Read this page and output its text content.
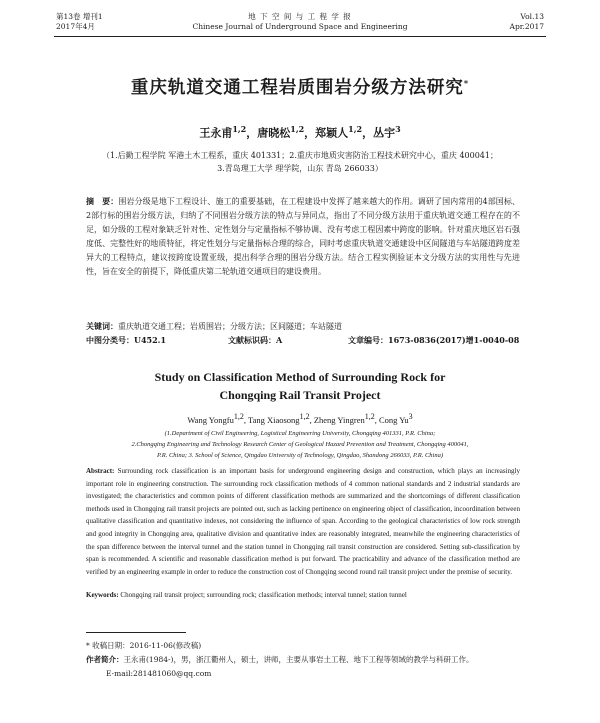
第13卷 增刊1
2017年4月
地 下 空 间 与 工 程 学 报
Chinese Journal of Underground Space and Engineering
Vol.13
Apr.2017
重庆轨道交通工程岩质围岩分级方法研究*
王永甫$^{1,2}$，唐晓松$^{1,2}$，郑颖人$^{1,2}$，丛宇$^3$
（1.后勤工程学院 军港土木工程系，重庆 401331；2.重庆市地质灾害防治工程技术研究中心，重庆 400041；
3.青岛理工大学 理学院，山东 青岛 266033）
摘　要：围岩分级是地下工程设计、施工的重要基础，在工程建设中发挥了越来越大的作用。调研了国内常用的4部国标、2部行标的围岩分级方法，归纳了不同围岩分级方法的特点与异同点，指出了不同分级方法用于重庆轨道交通工程存在的不足，如分级的工程对象缺乏针对性、定性划分与定量指标不够协调、没有考虑工程因素中跨度的影响。针对重庆地区岩石强度低、完整性好的地质特征，将定性划分与定量指标合理的综合，同时考虑重庆轨道交通建设中区间隧道与车站隧道跨度差异大的工程特点，建议按跨度设置亚级，提出科学合理的围岩分级方法。结合工程实例验证本文分级方法的实用性与先进性，旨在安全的前提下，降低重庆第二轮轨道交通项目的建设费用。
关键词：重庆轨道交通工程；岩质围岩；分级方法；区间隧道；车站隧道
中图分类号：U452.1	文献标识码：A	文章编号：1673-0836(2017)增1-0040-08
Study on Classification Method of Surrounding Rock for
Chongqing Rail Transit Project
Wang Yongfu1,2, Tang Xiaosong1,2, Zheng Yingren1,2, Cong Yu3
(1.Department of Civil Engineering, Logistical Engineering University, Chongqing 401331, P.R. China;
2.Chongqing Engineering and Technology Research Center of Geological Hazard Prevention and Treatment, Chongqing 400041,
P.R. China; 3. School of Science, Qingdao University of Technology, Qingdao, Shandong 266033, P.R. China)
Abstract: Surrounding rock classification is an important basis for underground engineering design and construction, which plays an increasingly important role in engineering construction. The surrounding rock classification methods of 4 common national standards and 2 industrial standards are investigated; the characteristics and common points of different classification methods are summarized and the shortcomings of different classification methods used in Chongqing rail transit projects are pointed out, such as lacking pertinence on engineering object of classification, incoordination between qualitative classification and quantitative indexes, not considering the influence of span. According to the geological characteristics of low rock strength and good integrity in Chongqing area, qualitative division and quantitative index are reasonably integrated, meanwhile the engineering characteristics of the span difference between the interval tunnel and the station tunnel in Chongqing rail transit construction are considered. Setting sub-classification by span is recommended. A scientific and reasonable classification method is put forward. The practicability and advance of the classification method are verified by an engineering example in order to reduce the construction cost of Chongqing second round rail transit project under the premise of security.
Keywords: Chongqing rail transit project; surrounding rock; classification methods; interval tunnel; station tunnel
* 收稿日期：2016-11-06(修改稿)
作者简介：王永甫(1984-)，男，浙江衢州人，硕士，讲师，主要从事岩土工程、地下工程等领域的教学与科研工作。
E-mail:281481060@qq.com
